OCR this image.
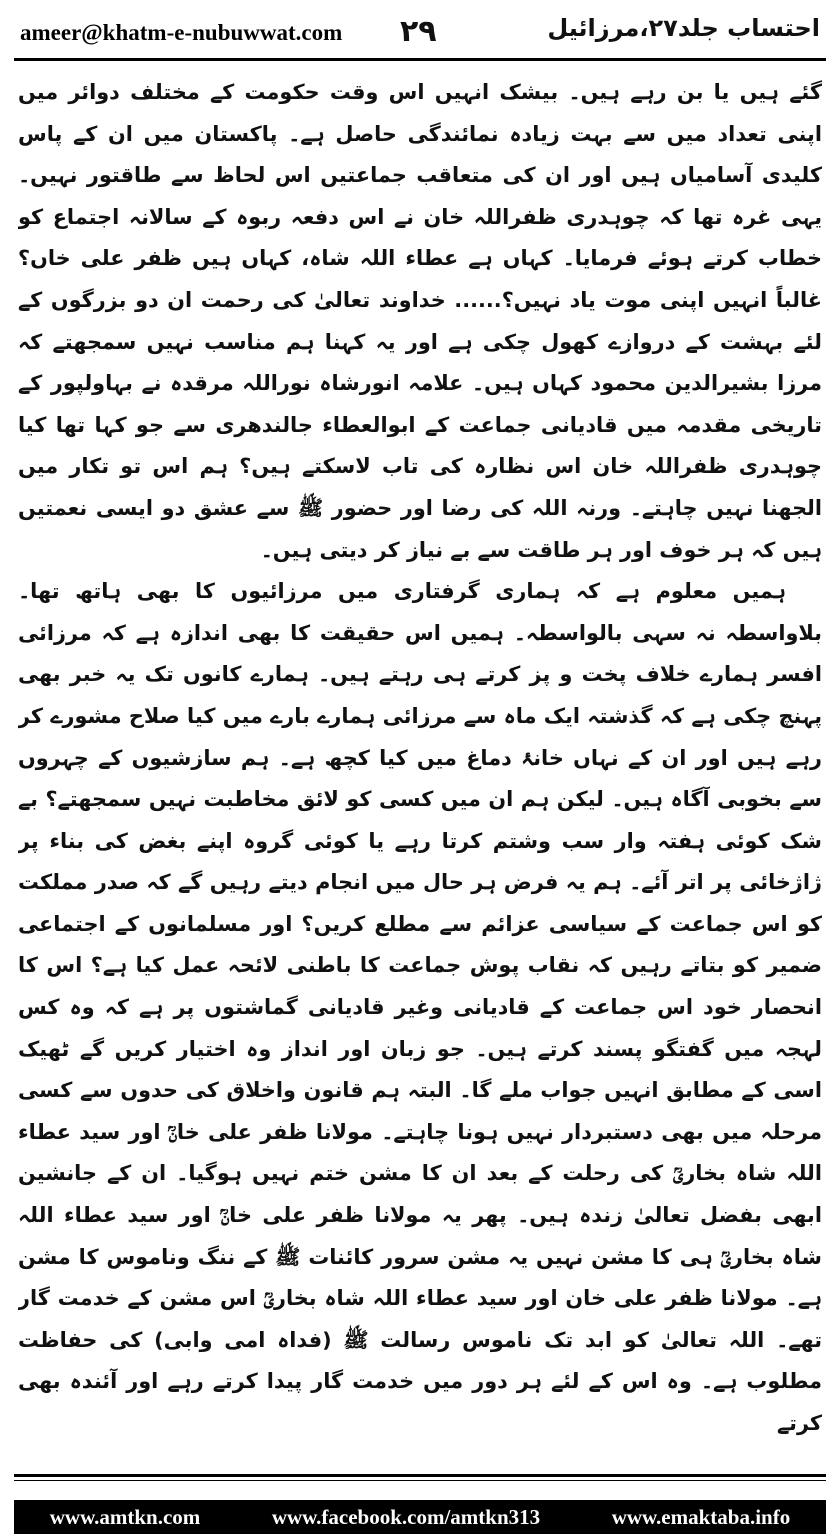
ameer@khatm-e-nubuwwat.com ۲۹	احتساب جلد۲۷،مرزائیل

گئے ہیں یا بن رہے ہیں۔ بیشک انہیں اس وقت حکومت کے مختلف دوائر میں اپنی تعداد میں سے بہت زیادہ نمائندگی حاصل ہے۔ پاکستان میں ان کے پاس کلیدی آسامیاں ہیں اور ان کی متعاقب جماعتیں اس لحاظ سے طاقتور نہیں۔ یہی غرہ تھا کہ چوہدری ظفراللہ خان نے اس دفعہ ربوہ کے سالانہ اجتماع کو خطاب کرتے ہوئے فرمایا۔ کہاں ہے عطاء اللہ شاہ، کہاں ہیں ظفر علی خاں؟ غالباً انہیں اپنی موت یاد نہیں؟...... خداوند تعالیٰ کی رحمت ان دو بزرگوں کے لئے بہشت کے دروازے کھول چکی ہے اور یہ کہنا ہم مناسب نہیں سمجھتے کہ مرزا بشیرالدین محمود کہاں ہیں۔ علامہ انورشاہ نوراللہ مرقدہ نے بہاولپور کے تاریخی مقدمہ میں قادیانی جماعت کے ابوالعطاء جالندھری سے جو کہا تھا کیا چوہدری ظفراللہ خان اس نظارہ کی تاب لاسکتے ہیں؟ ہم اس تو تکار میں الجھنا نہیں چاہتے۔ ورنہ اللہ کی رضا اور حضور ﷺ سے عشق دو ایسی نعمتیں ہیں کہ ہر خوف اور ہر طاقت سے بے نیاز کر دیتی ہیں۔

ہمیں معلوم ہے کہ ہماری گرفتاری میں مرزائیوں کا بھی ہاتھ تھا۔ بلاواسطہ نہ سہی بالواسطہ۔ ہمیں اس حقیقت کا بھی اندازہ ہے کہ مرزائی افسر ہمارے خلاف پخت و پز کرتے ہی رہتے ہیں۔ ہمارے کانوں تک یہ خبر بھی پہنچ چکی ہے کہ گذشتہ ایک ماہ سے مرزائی ہمارے بارے میں کیا صلاح مشورے کر رہے ہیں اور ان کے نہاں خانۂ دماغ میں کیا کچھ ہے۔ ہم سازشیوں کے چہروں سے بخوبی آگاہ ہیں۔ لیکن ہم ان میں کسی کو لائق مخاطبت نہیں سمجھتے؟ بے شک کوئی ہفتہ وار سب وشتم کرتا رہے یا کوئی گروہ اپنے بغض کی بناء پر ژاژخائی پر اتر آئے۔ ہم یہ فرض ہر حال میں انجام دیتے رہیں گے کہ صدر مملکت کو اس جماعت کے سیاسی عزائم سے مطلع کریں؟ اور مسلمانوں کے اجتماعی ضمیر کو بتاتے رہیں کہ نقاب پوش جماعت کا باطنی لائحہ عمل کیا ہے؟ اس کا انحصار خود اس جماعت کے قادیانی وغیر قادیانی گماشتوں پر ہے کہ وہ کس لہجہ میں گفتگو پسند کرتے ہیں۔ جو زبان اور انداز وہ اختیار کریں گے ٹھیک اسی کے مطابق انہیں جواب ملے گا۔ البتہ ہم قانون واخلاق کی حدوں سے کسی مرحلہ میں بھی دستبردار نہیں ہونا چاہتے۔ مولانا ظفر علی خانؒ اور سید عطاء اللہ شاہ بخاریؒ کی رحلت کے بعد ان کا مشن ختم نہیں ہوگیا۔ ان کے جانشین ابھی بفضل تعالیٰ زندہ ہیں۔ پھر یہ مولانا ظفر علی خانؒ اور سید عطاء اللہ شاہ بخاریؒ ہی کا مشن نہیں یہ مشن سرور کائنات ﷺ کے ننگ وناموس کا مشن ہے۔ مولانا ظفر علی خان اور سید عطاء اللہ شاہ بخاریؒ اس مشن کے خدمت گار تھے۔ اللہ تعالیٰ کو ابد تک ناموس رسالت ﷺ (فداہ امی وابی) کی حفاظت مطلوب ہے۔ وہ اس کے لئے ہر دور میں خدمت گار پیدا کرتے رہے اور آئندہ بھی کرتے

www.amtkn.com	www.facebook.com/amtkn313	www.emaktaba.info
